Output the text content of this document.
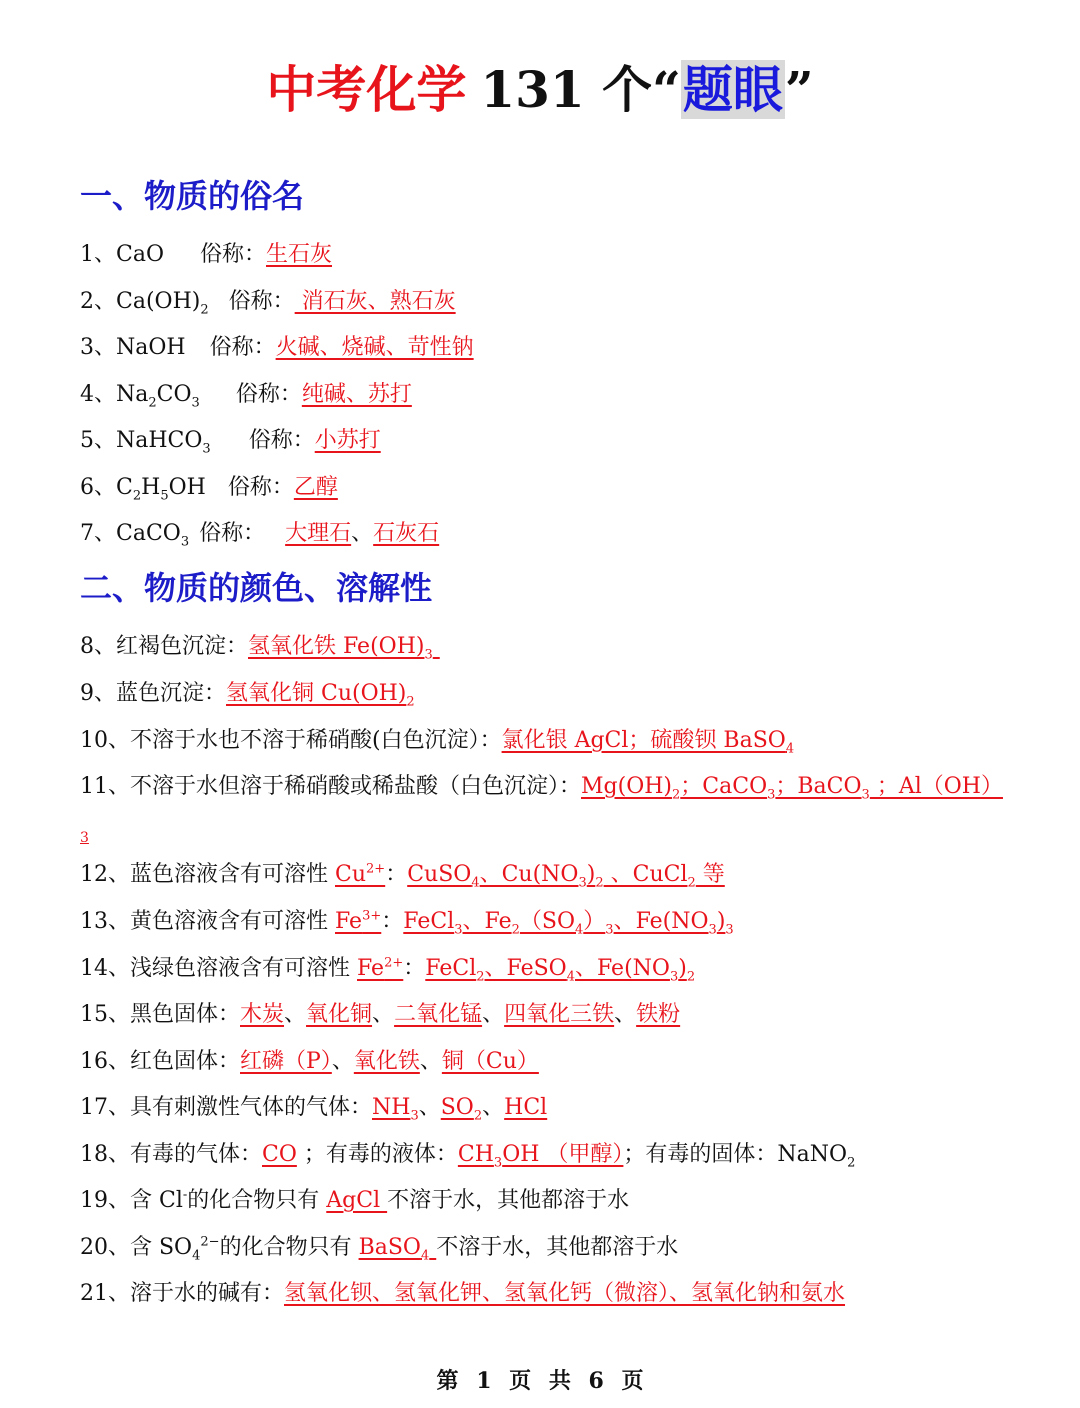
中考化学 131 个“题眼”
一、物质的俗名
1、CaO 俗称：生石灰
2、$Ca(OH)_2$ 俗称： 消石灰、熟石灰
3、NaOH 俗称：火碱、烧碱、苛性钠
4、$Na_2CO_3$ 俗称：纯碱、苏打
5、NaHCO$_3$ 俗称：小苏打
6、$C_2H_5OH$ 俗称：乙醇
7、CaCO$_3$ 俗称： 大理石、石灰石
二、物质的颜色、溶解性
8、红褐色沉淀：氢氧化铁 $Fe(OH)_3$
9、蓝色沉淀：氢氧化铜 $Cu(OH)_2$
10、不溶于水也不溶于稀硝酸(白色沉淀）：氯化银 AgCl；硫酸钡 BaSO$_4$
11、不溶于水但溶于稀硝酸或稀盐酸（白色沉淀）：$Mg(OH)_2$；CaCO$_3$；BaCO$_3$ ；Al（OH）
3
12、蓝色溶液含有可溶性 $Cu^{2+}$：CuSO$_4$、$Cu(NO_3)_2$ 、CuCl$_2$ 等
13、黄色溶液含有可溶性 $Fe^{3+}$：FeCl$_3$、$Fe_2(SO_4)_3$、$Fe(NO_3)_3$
14、浅绿色溶液含有可溶性 $Fe^{2+}$：FeCl$_2$、FeSO$_4$、$Fe(NO_3)_2$
15、黑色固体：木炭、氧化铜、二氧化锰、四氧化三铁、铁粉
16、红色固体：红磷（P）、氧化铁、铜（Cu）
17、具有刺激性气体的气体：$NH_3$、$SO_2$、HCl
18、有毒的气体：CO ；有毒的液体：$CH_3OH$ （甲醇）；有毒的固体：NaNO$_2$
19、含 Cl-的化合物只有 AgCl 不溶于水，其他都溶于水
20、含 $SO_4^{2-}$的化合物只有 BaSO$_4$ 不溶于水，其他都溶于水
21、溶于水的碱有：氢氧化钡、氢氧化钾、氢氧化钙（微溶）、氢氧化钠和氨水
第 1 页 共 6 页
